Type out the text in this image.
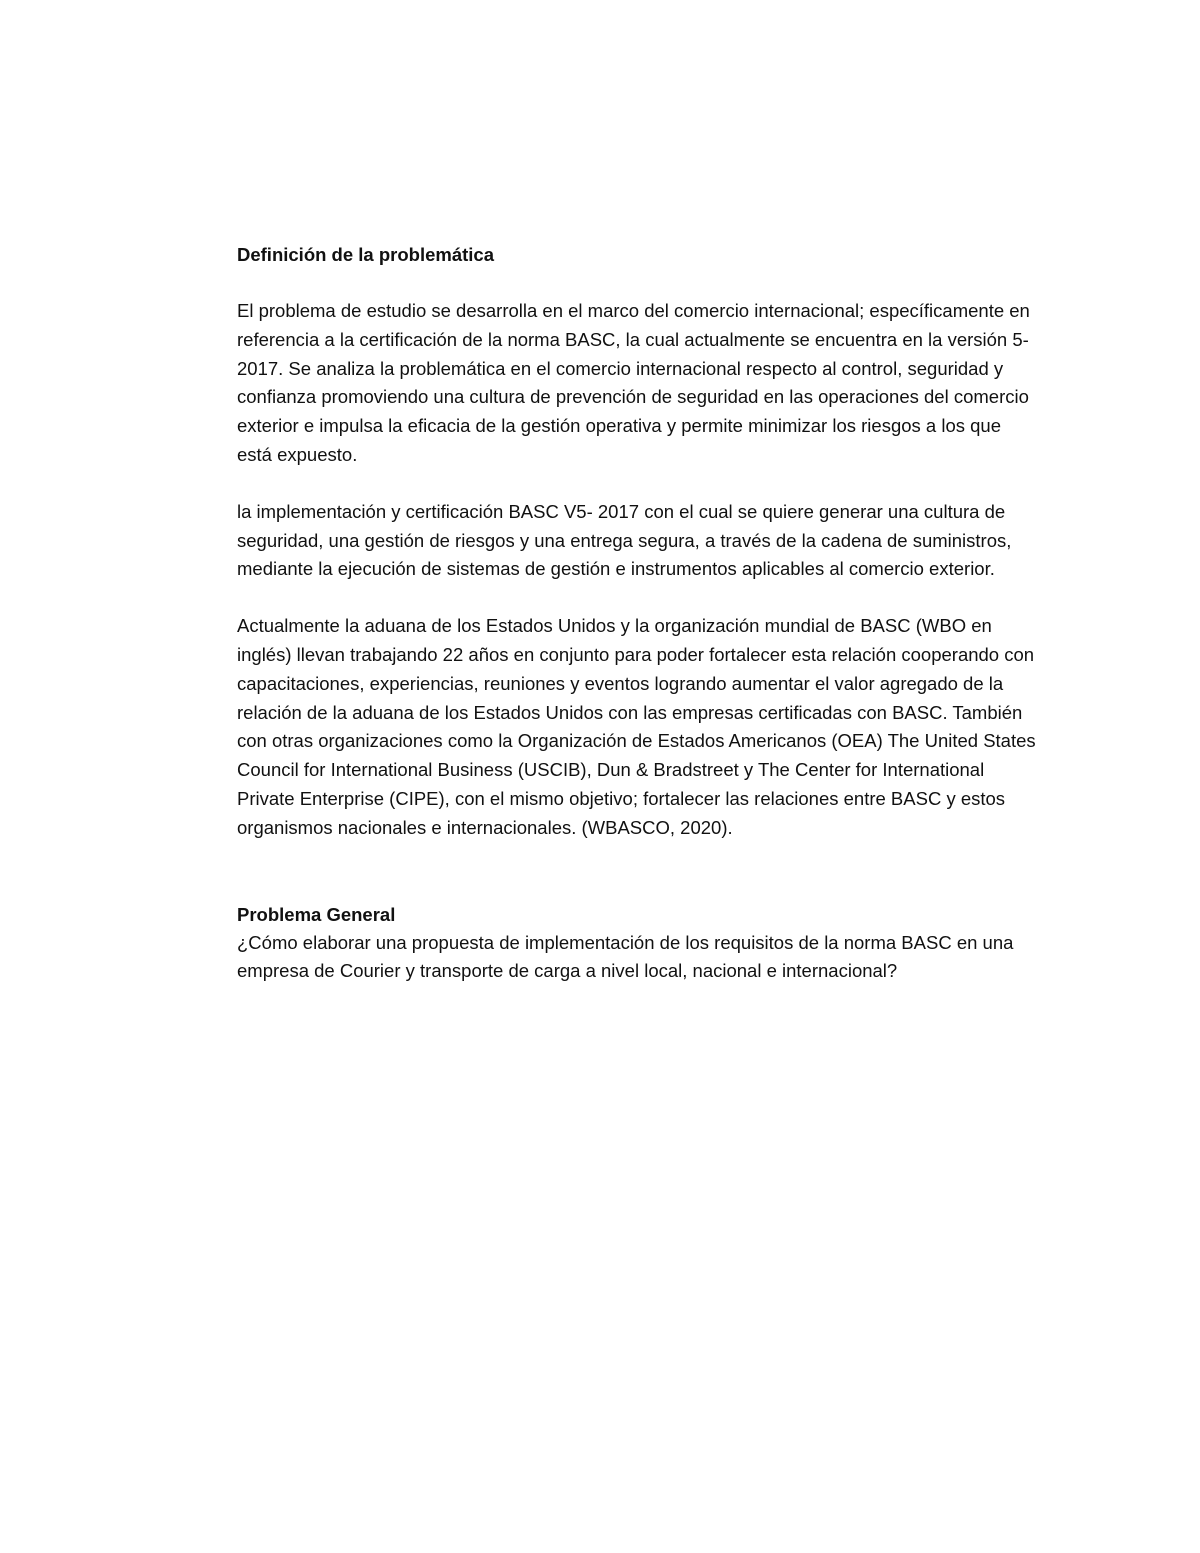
Definición de la problemática

El problema de estudio se desarrolla en el marco del comercio internacional; específicamente en referencia a la certificación de la norma BASC, la cual actualmente se encuentra en la versión 5-2017. Se analiza la problemática en el comercio internacional respecto al control, seguridad y confianza promoviendo una cultura de prevención de seguridad en las operaciones del comercio exterior e impulsa la eficacia de la gestión operativa y permite minimizar los riesgos a los que está expuesto.

la implementación y certificación BASC V5- 2017 con el cual se quiere generar una cultura de seguridad, una gestión de riesgos y una entrega segura, a través de la cadena de suministros, mediante la ejecución de sistemas de gestión e instrumentos aplicables al comercio exterior.

Actualmente la aduana de los Estados Unidos y la organización mundial de BASC (WBO en inglés) llevan trabajando 22 años en conjunto para poder fortalecer esta relación cooperando con capacitaciones, experiencias, reuniones y eventos logrando aumentar el valor agregado de la relación de la aduana de los Estados Unidos con las empresas certificadas con BASC. También con otras organizaciones como la Organización de Estados Americanos (OEA) The United States Council for International Business (USCIB), Dun & Bradstreet y The Center for International Private Enterprise (CIPE), con el mismo objetivo; fortalecer las relaciones entre BASC y estos organismos nacionales e internacionales. (WBASCO, 2020).

Problema General

¿Cómo elaborar una propuesta de implementación de los requisitos de la norma BASC en una empresa de Courier y transporte de carga a nivel local, nacional e internacional?
